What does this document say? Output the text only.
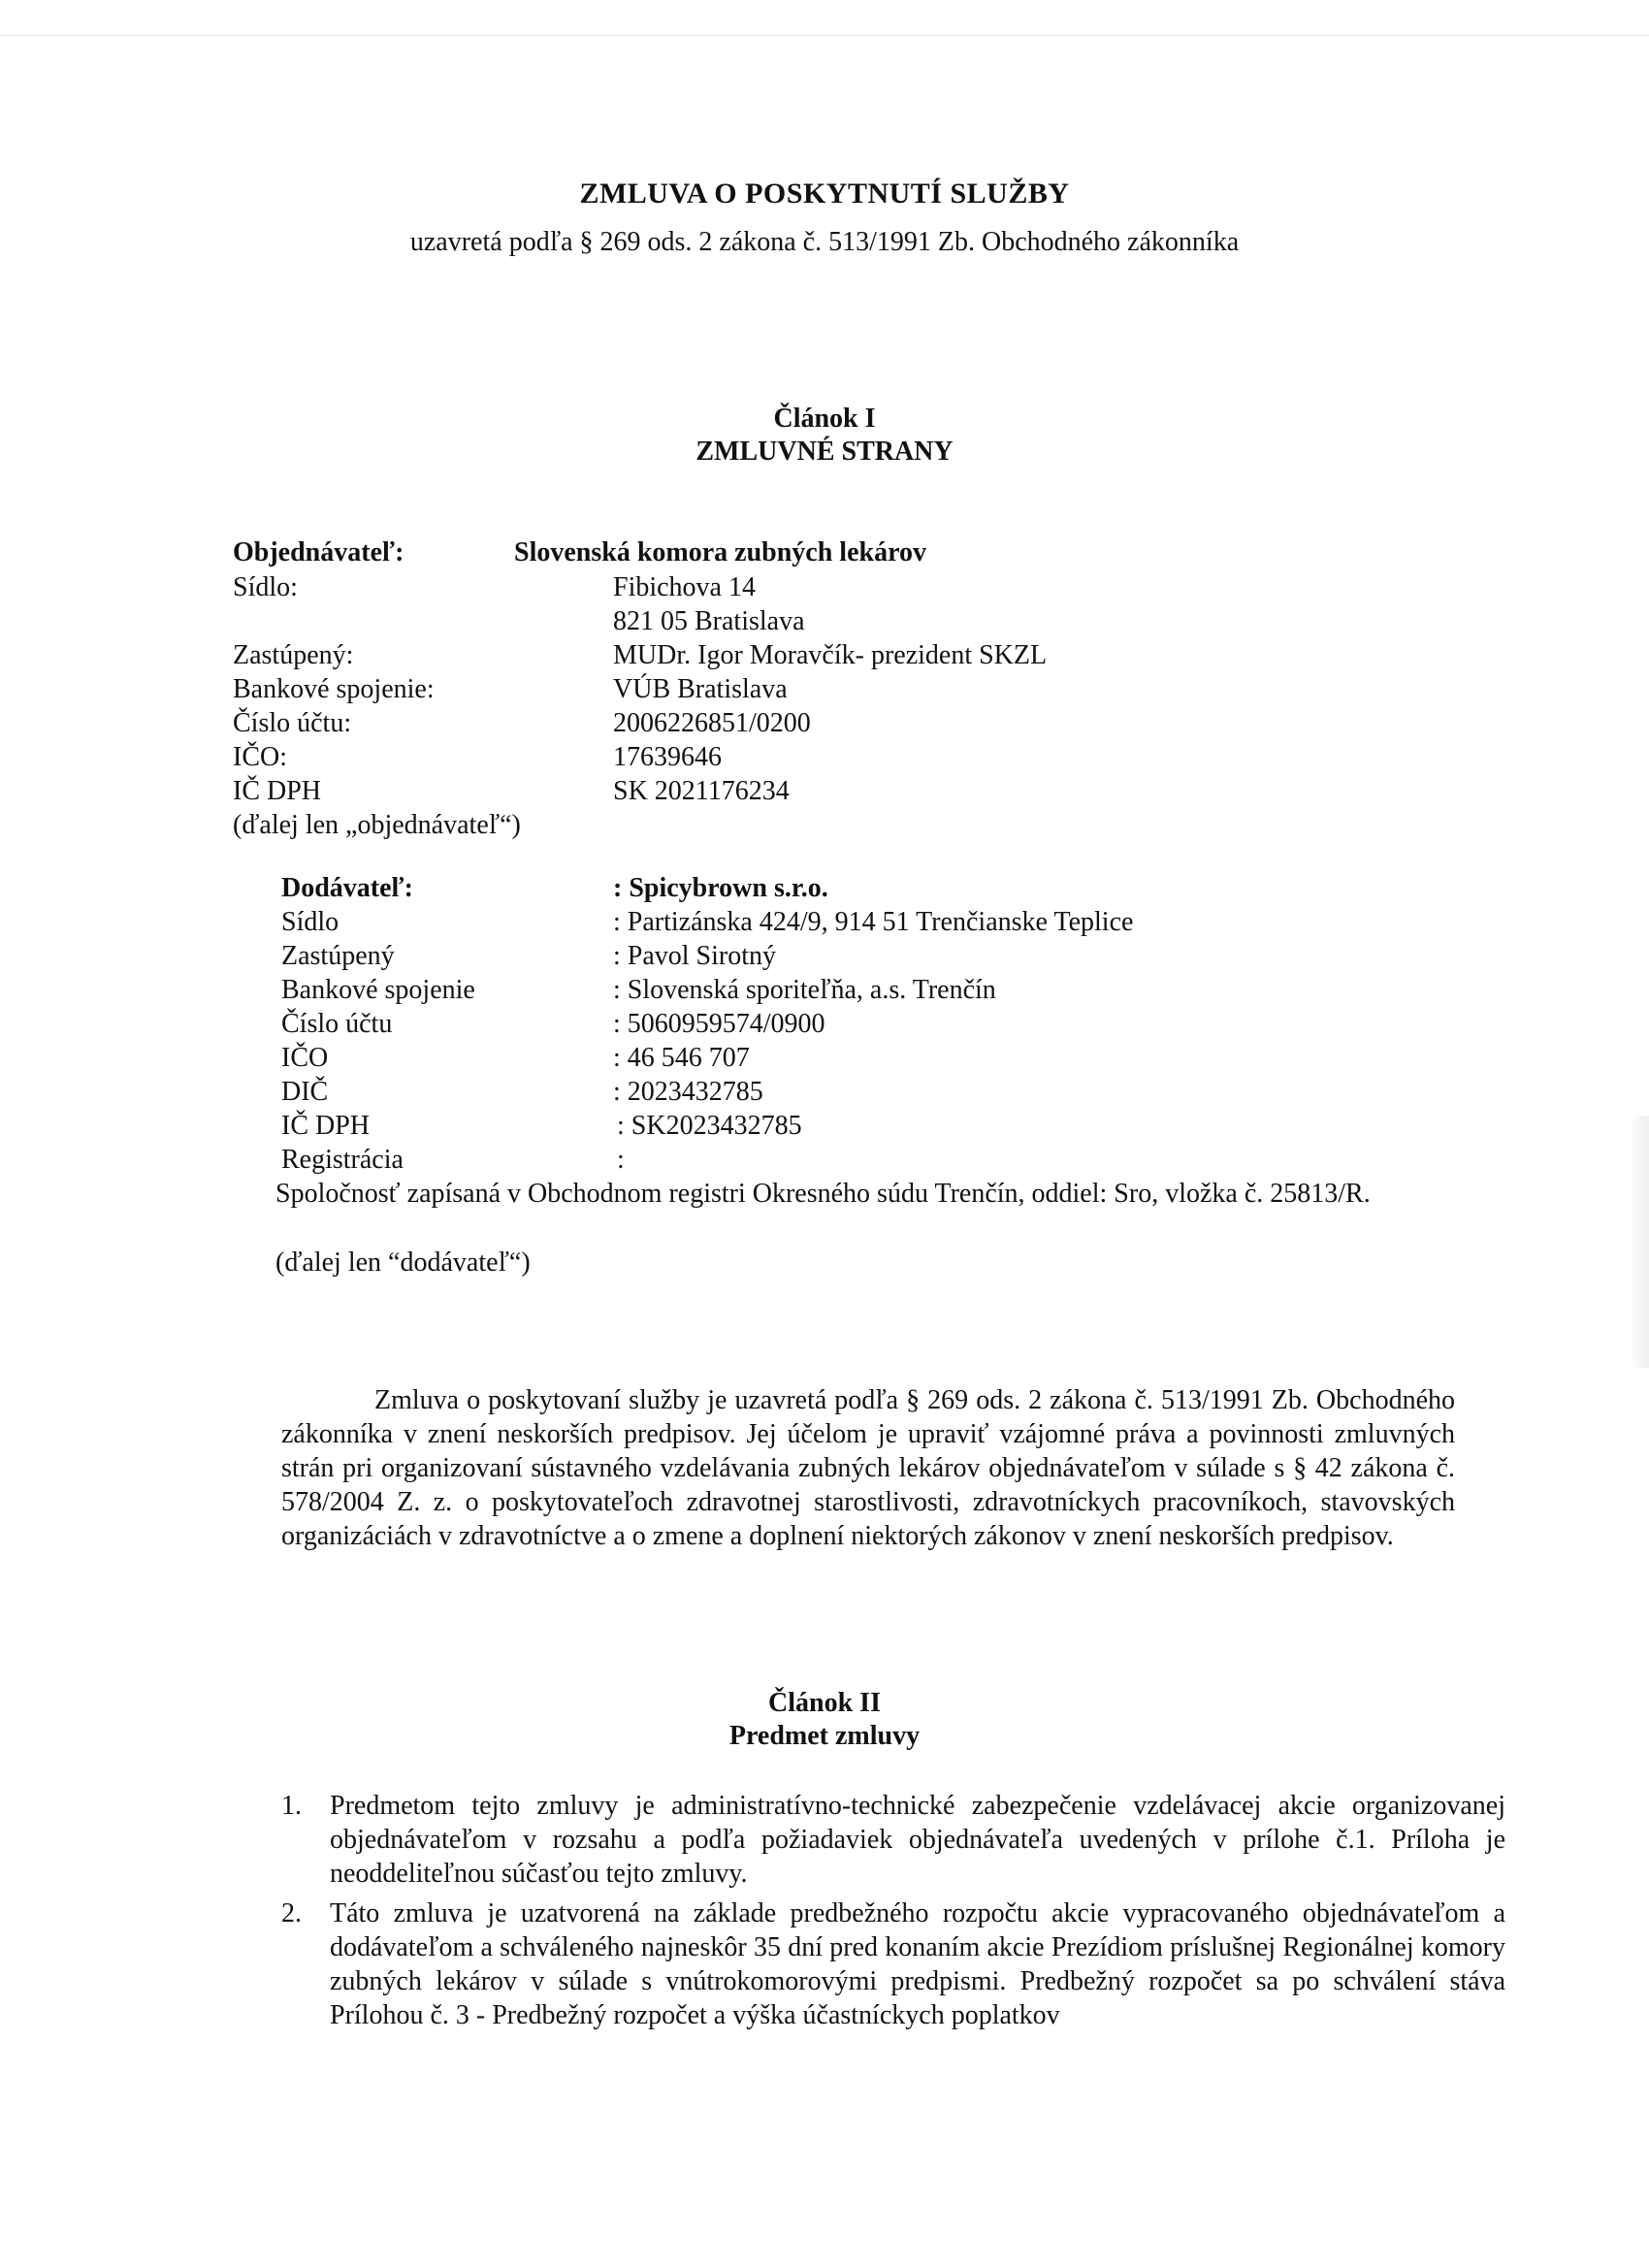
ZMLUVA O POSKYTNUTÍ SLUŽBY
uzavretá podľa § 269 ods. 2 zákona č. 513/1991 Zb. Obchodného zákonníka
Článok I
ZMLUVNÉ STRANY
Objednávateľ:	Slovenská komora zubných lekárov
Sídlo:	Fibichova 14
821 05 Bratislava
Zastúpený:	MUDr. Igor Moravčík- prezident SKZL
Bankové spojenie:	VÚB Bratislava
Číslo účtu:	2006226851/0200
IČO:	17639646
IČ DPH	SK 2021176234
(ďalej len „objednávateľ“)
Dodávateľ:	: Spicybrown s.r.o.
Sídlo	: Partizánska 424/9, 914 51 Trenčianske Teplice
Zastúpený	: Pavol Sirotný
Bankové spojenie	: Slovenská sporiteľňa, a.s. Trenčín
Číslo účtu	: 5060959574/0900
IČO	: 46 546 707
DIČ	: 2023432785
IČ DPH	: SK2023432785
Registrácia	:
Spoločnosť zapísaná v Obchodnom registri Okresného súdu Trenčín, oddiel: Sro, vložka č. 25813/R.
(ďalej len “dodávateľ“)

Zmluva o poskytovaní služby je uzavretá podľa § 269 ods. 2 zákona č. 513/1991 Zb. Obchodného zákonníka v znení neskorších predpisov. Jej účelom je upraviť vzájomné práva a povinnosti zmluvných strán pri organizovaní sústavného vzdelávania zubných lekárov objednávateľom v súlade s § 42 zákona č. 578/2004 Z. z. o poskytovateľoch zdravotnej starostlivosti, zdravotníckych pracovníkoch, stavovských organizáciách v zdravotníctve a o zmene a doplnení niektorých zákonov v znení neskorších predpisov.

Článok II
Predmet zmluvy
1. Predmetom tejto zmluvy je administratívno-technické zabezpečenie vzdelávacej akcie organizovanej objednávateľom v rozsahu a podľa požiadaviek objednávateľa uvedených v prílohe č.1. Príloha je neoddeliteľnou súčasťou tejto zmluvy.
2. Táto zmluva je uzatvorená na základe predbežného rozpočtu akcie vypracovaného objednávateľom a dodávateľom a schváleného najneskôr 35 dní pred konaním akcie Prezídiom príslušnej Regionálnej komory zubných lekárov v súlade s vnútrokomorovými predpismi. Predbežný rozpočet sa po schválení stáva Prílohou č. 3 - Predbežný rozpočet a výška účastníckych poplatkov
